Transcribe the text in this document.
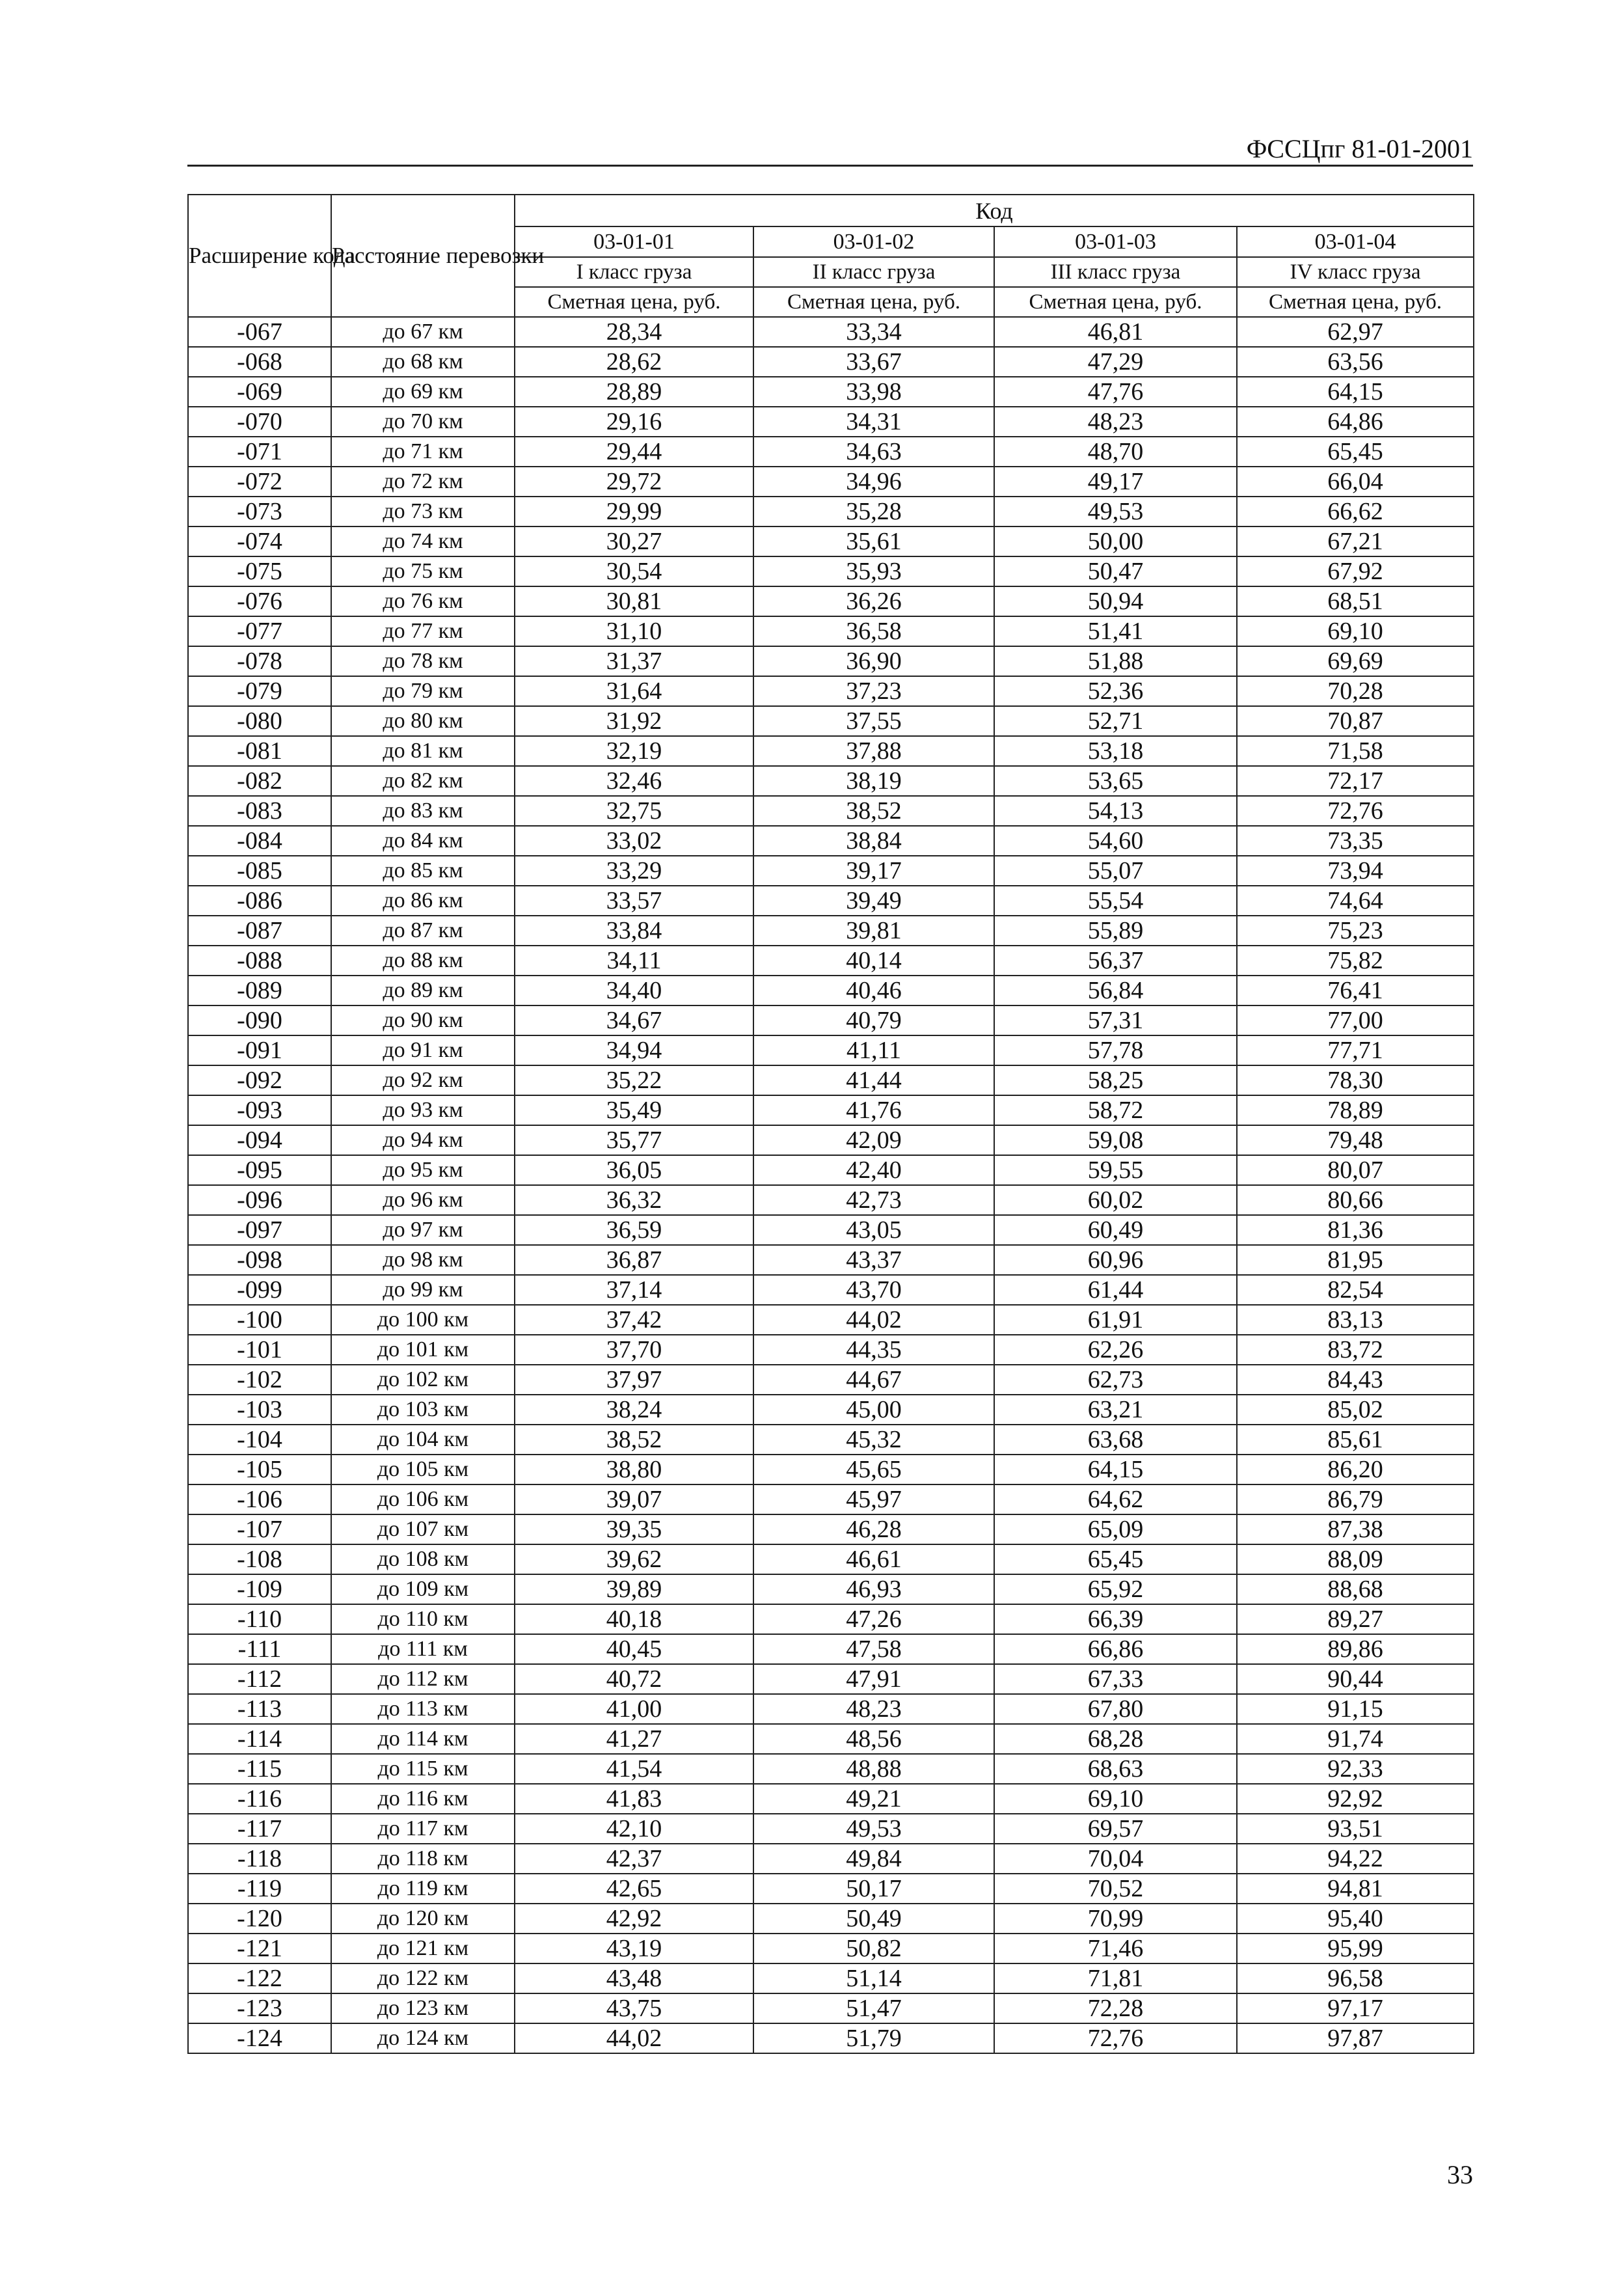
ФССЦпг 81-01-2001
Расширение кода	Расстояние перевозки	Код			
		03-01-01	03-01-02	03-01-03	03-01-04
		I класс груза	II класс груза	III класс груза	IV класс груза
		Сметная цена, руб.	Сметная цена, руб.	Сметная цена, руб.	Сметная цена, руб.
-067	до 67 км	28,34	33,34	46,81	62,97
-068	до 68 км	28,62	33,67	47,29	63,56
-069	до 69 км	28,89	33,98	47,76	64,15
-070	до 70 км	29,16	34,31	48,23	64,86
-071	до 71 км	29,44	34,63	48,70	65,45
-072	до 72 км	29,72	34,96	49,17	66,04
-073	до 73 км	29,99	35,28	49,53	66,62
-074	до 74 км	30,27	35,61	50,00	67,21
-075	до 75 км	30,54	35,93	50,47	67,92
-076	до 76 км	30,81	36,26	50,94	68,51
-077	до 77 км	31,10	36,58	51,41	69,10
-078	до 78 км	31,37	36,90	51,88	69,69
-079	до 79 км	31,64	37,23	52,36	70,28
-080	до 80 км	31,92	37,55	52,71	70,87
-081	до 81 км	32,19	37,88	53,18	71,58
-082	до 82 км	32,46	38,19	53,65	72,17
-083	до 83 км	32,75	38,52	54,13	72,76
-084	до 84 км	33,02	38,84	54,60	73,35
-085	до 85 км	33,29	39,17	55,07	73,94
-086	до 86 км	33,57	39,49	55,54	74,64
-087	до 87 км	33,84	39,81	55,89	75,23
-088	до 88 км	34,11	40,14	56,37	75,82
-089	до 89 км	34,40	40,46	56,84	76,41
-090	до 90 км	34,67	40,79	57,31	77,00
-091	до 91 км	34,94	41,11	57,78	77,71
-092	до 92 км	35,22	41,44	58,25	78,30
-093	до 93 км	35,49	41,76	58,72	78,89
-094	до 94 км	35,77	42,09	59,08	79,48
-095	до 95 км	36,05	42,40	59,55	80,07
-096	до 96 км	36,32	42,73	60,02	80,66
-097	до 97 км	36,59	43,05	60,49	81,36
-098	до 98 км	36,87	43,37	60,96	81,95
-099	до 99 км	37,14	43,70	61,44	82,54
-100	до 100 км	37,42	44,02	61,91	83,13
-101	до 101 км	37,70	44,35	62,26	83,72
-102	до 102 км	37,97	44,67	62,73	84,43
-103	до 103 км	38,24	45,00	63,21	85,02
-104	до 104 км	38,52	45,32	63,68	85,61
-105	до 105 км	38,80	45,65	64,15	86,20
-106	до 106 км	39,07	45,97	64,62	86,79
-107	до 107 км	39,35	46,28	65,09	87,38
-108	до 108 км	39,62	46,61	65,45	88,09
-109	до 109 км	39,89	46,93	65,92	88,68
-110	до 110 км	40,18	47,26	66,39	89,27
-111	до 111 км	40,45	47,58	66,86	89,86
-112	до 112 км	40,72	47,91	67,33	90,44
-113	до 113 км	41,00	48,23	67,80	91,15
-114	до 114 км	41,27	48,56	68,28	91,74
-115	до 115 км	41,54	48,88	68,63	92,33
-116	до 116 км	41,83	49,21	69,10	92,92
-117	до 117 км	42,10	49,53	69,57	93,51
-118	до 118 км	42,37	49,84	70,04	94,22
-119	до 119 км	42,65	50,17	70,52	94,81
-120	до 120 км	42,92	50,49	70,99	95,40
-121	до 121 км	43,19	50,82	71,46	95,99
-122	до 122 км	43,48	51,14	71,81	96,58
-123	до 123 км	43,75	51,47	72,28	97,17
-124	до 124 км	44,02	51,79	72,76	97,87
33
